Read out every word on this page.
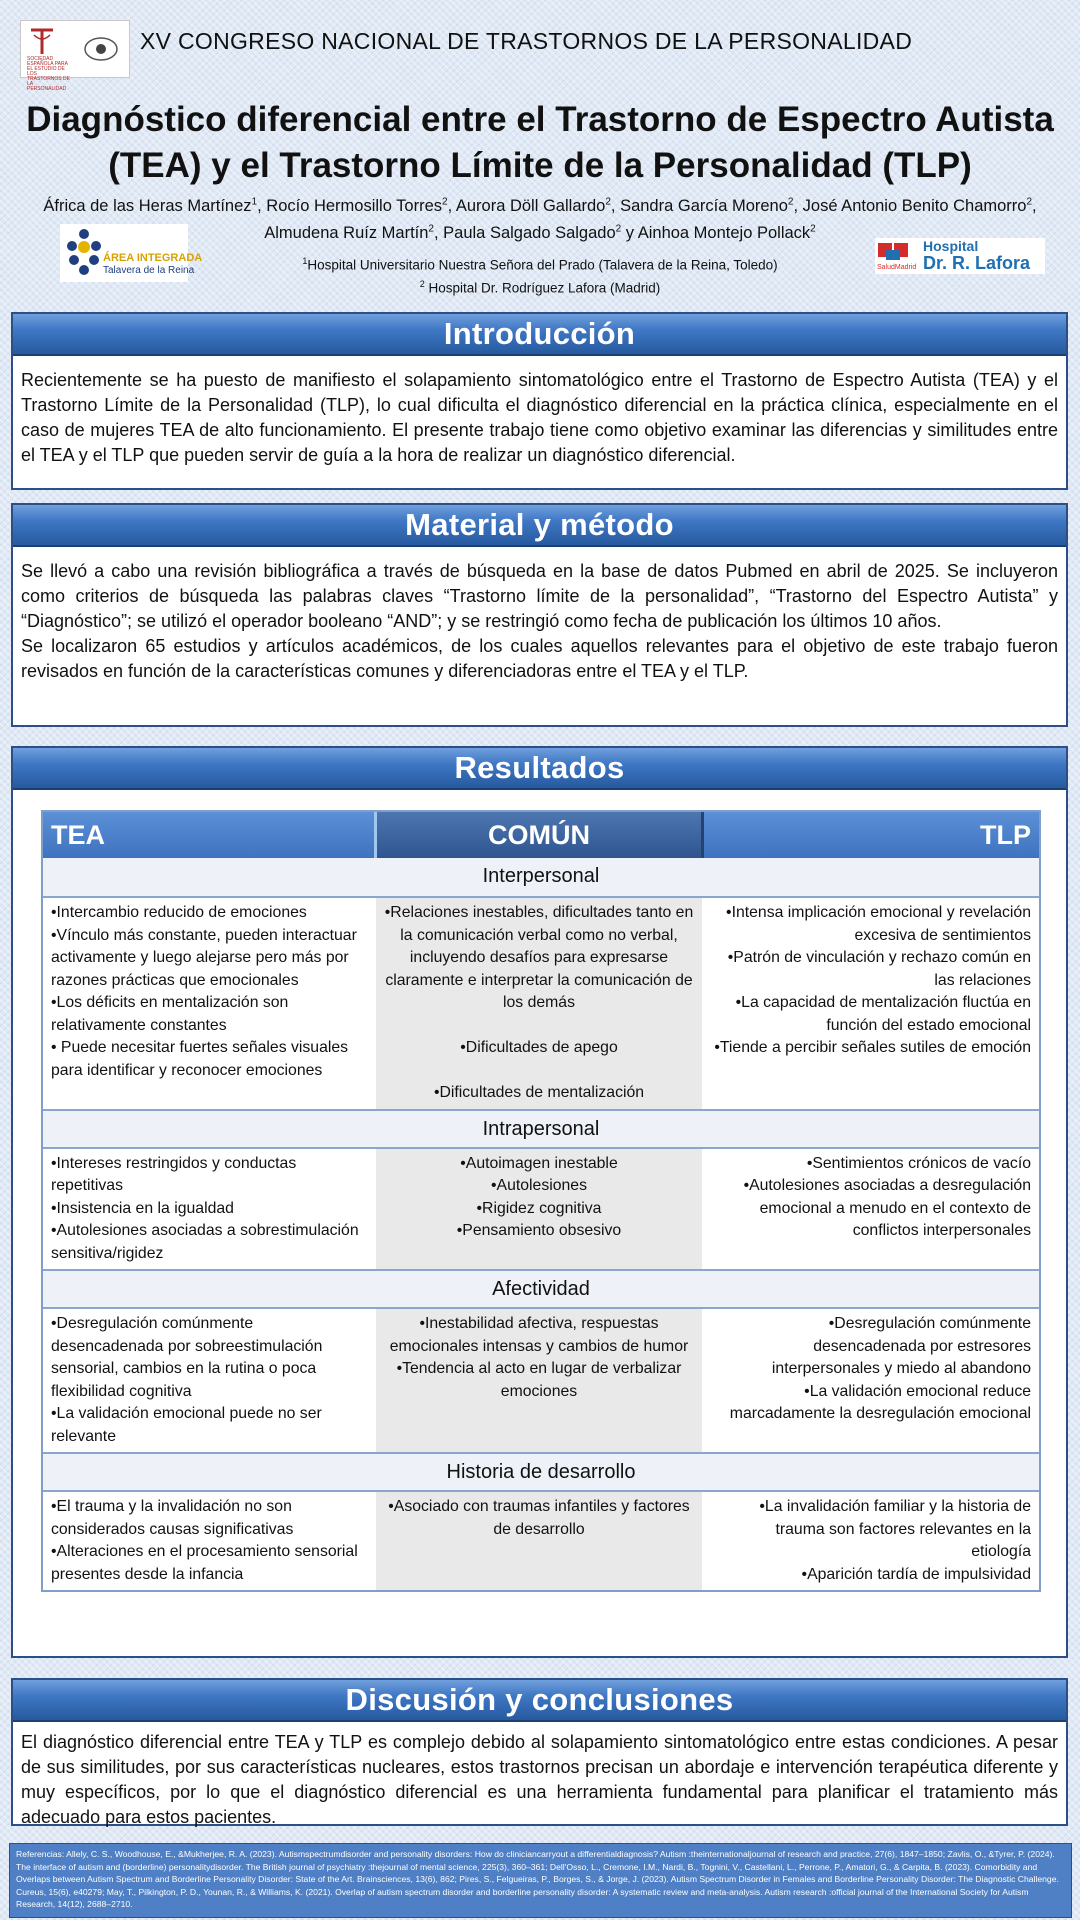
SOCIEDAD ESPAÑOLA PARA EL ESTUDIO DE LOS TRASTORNOS DE LA PERSONALIDAD
XV CONGRESO NACIONAL DE TRASTORNOS DE LA PERSONALIDAD
Diagnóstico diferencial entre el Trastorno de Espectro Autista
(TEA) y el Trastorno Límite de la Personalidad (TLP)
África de las Heras Martínez$^1$, Rocío Hermosillo Torres$^2$, Aurora Döll Gallardo$^2$, Sandra García Moreno$^2$, José Antonio Benito Chamorro$^2$,
Almudena Ruíz Martín$^2$, Paula Salgado Salgado$^2$ y Ainhoa Montejo Pollack$^2$
ÁREA INTEGRADA
Talavera de la Reina
$^1$Hospital Universitario Nuestra Señora del Prado (Talavera de la Reina, Toledo)
$^2$ Hospital Dr. Rodríguez Lafora (Madrid)
SaludMadrid
Hospital
Dr. R. Lafora
Introducción

Recientemente se ha puesto de manifiesto el solapamiento sintomatológico entre el Trastorno de Espectro Autista (TEA) y el Trastorno Límite de la Personalidad (TLP), lo cual dificulta el diagnóstico diferencial en la práctica clínica, especialmente en el caso de mujeres TEA de alto funcionamiento. El presente trabajo tiene como objetivo examinar las diferencias y similitudes entre el TEA y el TLP que pueden servir de guía a la hora de realizar un diagnóstico diferencial.

Material y método

Se llevó a cabo una revisión bibliográfica a través de búsqueda en la base de datos Pubmed en abril de 2025. Se incluyeron como criterios de búsqueda las palabras claves “Trastorno límite de la personalidad”, “Trastorno del Espectro Autista” y “Diagnóstico”; se utilizó el operador booleano “AND”; y se restringió como fecha de publicación los últimos 10 años.

Se localizaron 65 estudios y artículos académicos, de los cuales aquellos relevantes para el objetivo de este trabajo fueron revisados en función de la características comunes y diferenciadoras entre el TEA y el TLP.

Resultados
TEA	COMÚN	TLP
Interpersonal
•Intercambio reducido de emociones
•Vínculo más constante, pueden interactuar activamente y luego alejarse pero más por razones prácticas que emocionales
•Los déficits en mentalización son relativamente constantes
• Puede necesitar fuertes señales visuales para identificar y reconocer emociones
•Relaciones inestables, dificultades tanto en la comunicación verbal como no verbal, incluyendo desafíos para expresarse claramente e interpretar la comunicación de los demás
•Dificultades de apego
•Dificultades de mentalización
•Intensa implicación emocional y revelación excesiva de sentimientos
•Patrón de vinculación y rechazo común en las relaciones
•La capacidad de mentalización fluctúa en función del estado emocional
•Tiende a percibir señales sutiles de emoción
Intrapersonal
•Intereses restringidos y conductas repetitivas
•Insistencia en la igualdad
•Autolesiones asociadas a sobrestimulación sensitiva/rigidez
•Autoimagen inestable
•Autolesiones
•Rigidez cognitiva
•Pensamiento obsesivo
•Sentimientos crónicos de vacío
•Autolesiones asociadas a desregulación emocional a menudo en el contexto de conflictos interpersonales
Afectividad
•Desregulación comúnmente desencadenada por sobreestimulación sensorial, cambios en la rutina o poca flexibilidad cognitiva
•La validación emocional puede no ser relevante
•Inestabilidad afectiva, respuestas emocionales intensas y cambios de humor
•Tendencia al acto en lugar de verbalizar emociones
•Desregulación comúnmente desencadenada por estresores interpersonales y miedo al abandono
•La validación emocional reduce marcadamente la desregulación emocional
Historia de desarrollo
•El trauma y la invalidación no son considerados causas significativas
•Alteraciones en el procesamiento sensorial presentes desde la infancia
•Asociado con traumas infantiles y factores de desarrollo
•La invalidación familiar y la historia de trauma son factores relevantes en la etiología
•Aparición tardía de impulsividad
Discusión y conclusiones

El diagnóstico diferencial entre TEA y TLP es complejo debido al solapamiento sintomatológico entre estas condiciones. A pesar de sus similitudes, por sus características nucleares, estos trastornos precisan un abordaje e intervención terapéutica diferente y muy específicos, por lo que el diagnóstico diferencial es una herramienta fundamental para planificar el tratamiento más adecuado para estos pacientes.

Referencias: Allely, C. S., Woodhouse, E., &Mukherjee, R. A. (2023). Autismspectrumdisorder and personality disorders: How do cliniciancarryout a differentialdiagnosis? Autism :theinternationaljournal of research and practice, 27(6), 1847–1850; Zavlis, O., &Tyrer, P. (2024). The interface of autism and (borderline) personalitydisorder. The British journal of psychiatry :thejournal of mental science, 225(3), 360–361; Dell'Osso, L., Cremone, I.M., Nardi, B., Tognini, V., Castellani, L., Perrone, P., Amatori, G., & Carpita, B. (2023). Comorbidity and Overlaps between Autism Spectrum and Borderline Personality Disorder: State of the Art. Brainsciences, 13(6), 862; Pires, S., Felgueiras, P., Borges, S., & Jorge, J. (2023). Autism Spectrum Disorder in Females and Borderline Personality Disorder: The Diagnostic Challenge. Cureus, 15(6), e40279; May, T., Pilkington, P. D., Younan, R., & Williams, K. (2021). Overlap of autism spectrum disorder and borderline personality disorder: A systematic review and meta-analysis. Autism research :official journal of the International Society for Autism Research, 14(12), 2688–2710.
